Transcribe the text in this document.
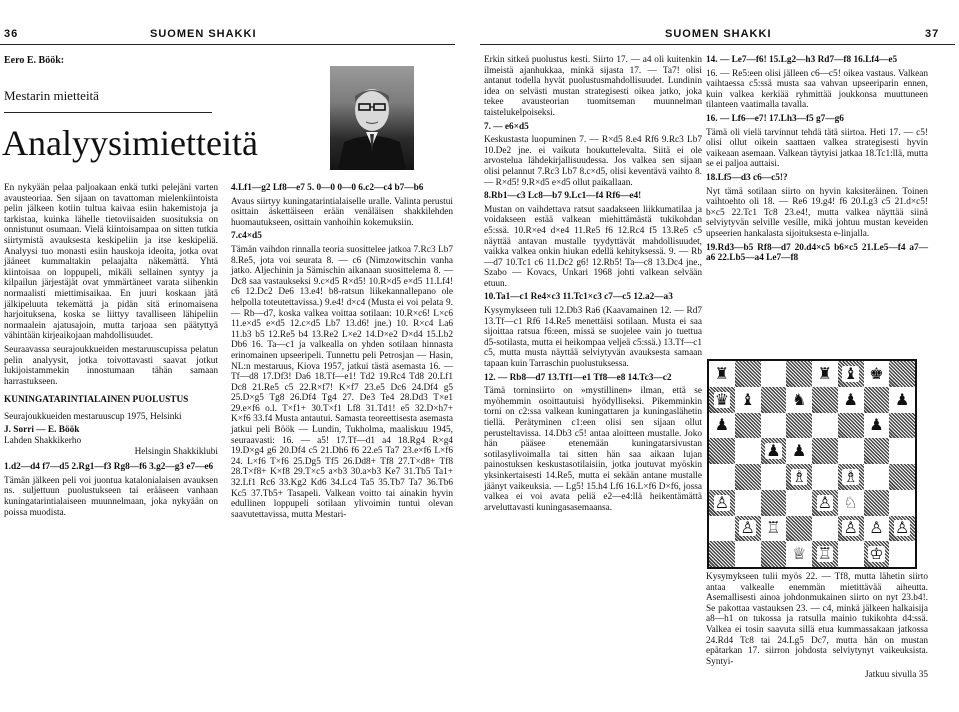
36	SUOMEN SHAKKI	SUOMEN SHAKKI	37
Eero E. Böök:
Mestarin mietteitä
Analyysimietteitä

En nykyään pelaa paljoakaan enkä tutki pelejäni varten avausteoriaa. Sen sijaan on tavattoman mielenkiintoista pelin jälkeen kotiin tultua kaivaa esiin hakemistoja ja tarkistaa, kuinka lähelle tietoviisaiden suosituksia on onnistunut osumaan. Vielä kiintoisampaa on sitten tutkia siirtymistä avauksesta keskipeliin ja itse keskipeliä. Analyysi tuo monasti esiin hauskoja ideoita, jotka ovat jääneet kummaltakin pelaajalta näkemättä. Yhtä kiintoisaa on loppupeli, mikäli sellainen syntyy ja kilpailun järjestäjät ovat ymmärtäneet varata siihenkin normaalisti miettimisaikaa. En juuri koskaan jätä jälkipeluuta tekemättä ja pidän sitä erinomaisena harjoituksena, koska se liittyy tavalliseen lähipeliin normaalein ajatusajoin, mutta tarjoaa sen päätyttyä vähintään kirjeaikojaan mahdollisuudet.

Seuraavassa seurajoukkueiden mestaruuscupissa pelatun pelin analyysit, jotka toivottavasti saavat jotkut lukijoistammekin innostumaan tähän samaan harrastukseen.

KUNINGATARINTIALAINEN PUOLUSTUS

Seurajoukkueiden mestaruuscup 1975, Helsinki

J. Sorri — E. Böök

Lahden Shakkikerho

Helsingin Shakkiklubi

1.d2—d4 f7—d5 2.Rg1—f3 Rg8—f6 3.g2—g3 e7—e6

Tämän jälkeen peli voi juontua katalonialaisen avauksen ns. suljettuun puolustukseen tai erääseen vanhaan kuningatarintialaiseen muunnelmaan, joka nykyään on poissa muodista.

4.Lf1—g2 Lf8—e7 5. 0—0 0—0 6.c2—c4 b7—b6

Avaus siirtyy kuningatarintialaiselle uralle. Valinta perustui osittain äskettäiseen erään venäläisen shakkilehden huomautukseen, osittain vanhoihin kokemuksiin.

7.c4×d5

Tämän vaihdon rinnalla teoria suosittelee jatkoa 7.Rc3 Lb7 8.Re5, jota voi seurata 8. — c6 (Nimzowitschin vanha jatko. Aljechinin ja Sämischin aikanaan suosittelema 8. — Dc8 saa vastaukseksi 9.c×d5 R×d5! 10.R×d5 e×d5 11.Lf4! c6 12.Dc2 De6 13.e4! b8-ratsun liikekannallepano ole helpolla toteutettavissa.) 9.e4! d×c4 (Musta ei voi pelata 9. — Rb—d7, koska valkea voittaa sotilaan: 10.R×c6! L×c6 11.e×d5 e×d5 12.c×d5 Lb7 13.d6! jne.) 10. R×c4 La6 11.b3 b5 12.Re5 b4 13.Re2 L×e2 14.D×e2 D×d4 15.Lb2 Db6 16. Ta—c1 ja valkealla on yhden sotilaan hinnasta erinomainen upseeripeli. Tunnettu peli Petrosjan — Hasin, NL:n mestaruus, Kiova 1957, jatkui tästä asemasta 16. — Tf—d8 17.Df3! Da6 18.Tf—e1! Td2 19.Rc4 Td8 20.Lf1 Dc8 21.Re5 c5 22.R×f7! K×f7 23.e5 Dc6 24.Df4 g5 25.D×g5 Tg8 26.Df4 Tg4 27. De3 Te4 28.Dd3 T×e1 29.e×f6 o.l. T×f1+ 30.T×f1 Lf8 31.Td1! e5 32.D×h7+ K×f6 33.f4 Musta antautui. Samasta teoreettisesta asemasta jatkui peli Böök — Lundin, Tukholma, maaliskuu 1945, seuraavasti: 16. — a5! 17.Tf—d1 a4 18.Rg4 R×g4 19.D×g4 g6 20.Df4 c5 21.Dh6 f6 22.e5 Ta7 23.e×f6 L×f6 24. L×f6 T×f6 25.Dg5 Tf5 26.Dd8+ Tf8 27.T×d8+ Tf8 28.T×f8+ K×f8 29.T×c5 a×b3 30.a×b3 Ke7 31.Tb5 Ta1+ 32.Lf1 Rc6 33.Kg2 Kd6 34.Lc4 Ta5 35.Tb7 Ta7 36.Tb6 Kc5 37.Tb5+ Tasapeli. Valkean voitto tai ainakin hyvin edullinen loppupeli sotilaan ylivoimin tuntui olevan saavutettavissa, mutta Mestari-

Erkin sitkeä puolustus kesti. Siirto 17. — a4 oli kuitenkin ilmeistä ajanhukkaa, minkä sijasta 17. — Ta7! olisi antanut todella hyvät puolustusmahdollisuudet. Lundinin idea on selvästi mustan strategisesti oikea jatko, joka tekee avausteorian tuomitseman muunnelman taistelukelpoiseksi.

7. — e6×d5

Keskustasta luopuminen 7. — R×d5 8.e4 Rf6 9.Rc3 Lb7 10.De2 jne. ei vaikuta houkuttelevalta. Siitä ei ole arvostelua lähdekirjallisuudessa. Jos valkea sen sijaan olisi pelannut 7.Rc3 Lb7 8.c×d5, olisi keventävä vaihto 8. — R×d5! 9.R×d5 e×d5 ollut paikallaan.

8.Rb1—c3 Lc8—b7 9.Lc1—f4 Rf6—e4!

Mustan on vaihdettava ratsut saadakseen liikkumatilaa ja voidakseen estää valkean miehittämästä tukikohdan e5:ssä. 10.R×e4 d×e4 11.Re5 f6 12.Rc4 f5 13.Re5 c5 näyttää antavan mustalle tyydyttävät mahdollisuudet, vaikka valkea onkin hiukan edellä kehityksessä. 9. — Rb—d7 10.Tc1 c6 11.Dc2 g6! 12.Rb5! Ta—c8 13.Dc4 jne., Szabo — Kovacs, Unkari 1968 johti valkean selvään etuun.

10.Ta1—c1 Re4×c3 11.Tc1×c3 c7—c5 12.a2—a3

Kysymykseen tuli 12.Db3 Ra6 (Kaavamainen 12. — Rd7 13.Tf—c1 Rf6 14.Re5 menettäisi sotilaan. Musta ei saa sijoittaa ratsua f6:een, missä se suojelee vain jo tuettua d5-sotilasta, mutta ei heikompaa veljeä c5:ssä.) 13.Tf—c1 c5, mutta musta näyttää selviytyvän avauksesta samaan tapaan kuin Tarraschin puolustuksessa.

12. — Rb8—d7 13.Tf1—e1 Tf8—e8 14.Tc3—c2

Tämä torninsiirto on »mystillinen» ilman, että se myöhemmin osoittautuisi hyödylliseksi. Pikemminkin torni on c2:ssa valkean kuningattaren ja kuningaslähetin tiellä. Perätyminen c1:een olisi sen sijaan ollut perusteltavissa. 14.Db3 c5! antaa aloitteen mustalle. Joko hän pääsee etenemään kuningatarsivustan sotilasylivoimalla tai sitten hän saa aikaan lujan painostuksen keskustasotilaisiin, jotka joutuvat myöskin yksinkertaisesti 14.Re5, mutta ei sekään antane mustalle jäänyt vaikeuksia. — Lg5! 15.h4 Lf6 16.L×f6 D×f6, jossa valkea ei voi avata peliä e2—e4:llä heikentämättä arveluttavasti kuningasasemaansa.

14. — Le7—f6! 15.Lg2—h3 Rd7—f8 16.Lf4—e5

16. — Re5:een olisi jälleen c6—c5! oikea vastaus. Valkean vaihtaessa c5:ssä musta saa vahvan upseeriparin ennen, kuin valkea kerkiää ryhmittää joukkonsa muuttuneen tilanteen vaatimalla tavalla.

16. — Lf6—e7! 17.Lh3—f5 g7—g6

Tämä oli vielä tarvinnut tehdä tätä siirtoa. Heti 17. — c5! olisi ollut oikein saattaen valkea strategisesti hyvin vaikeaan asemaan. Valkean täytyisi jatkaa 18.Tc1:llä, mutta se ei paljoa auttaisi.

18.Lf5—d3 c6—c5!?

Nyt tämä sotilaan siirto on hyvin kaksiteräinen. Toinen vaihtoehto oli 18. — Re6 19.g4! f6 20.Lg3 c5 21.d×c5! b×c5 22.Tc1 Tc8 23.e4!, mutta valkea näyttää siinä selviytyvän selville vesille, mikä johtuu mustan keveiden upseerien hankalasta sijoituksesta e-linjalla.

19.Rd3—b5 Rf8—d7 20.d4×c5 b6×c5 21.Le5—f4 a7—a6 22.Lb5—a4 Le7—f8

♜	♜ ♝ ♚
♛ ♝ ♞ ♟ ♟
♟	♟
♟ ♟
♗ ♗
♙	♙ ♘
♙ ♖	♙ ♙ ♙
♕ ♖ ♔

Kysymykseen tulii myös 22. — Tf8, mutta lähetin siirto antaa valkealle enemmän mietittävää aiheutta. Asemallisesti ainoa johdonmukainen siirto on nyt 23.b4!. Se pakottaa vastauksen 23. — c4, minkä jälkeen halkaisija a8—h1 on tukossa ja ratsulla mainio tukikohta d4:ssä. Valkea ei tosin saavuta sillä etua kummassakaan jatkossa 24.Rd4 Tc8 tai 24.Lg5 Dc7, mutta hän on mustan epätarkan 17. siirron johdosta selviytynyt vaikeuksista. Syntyi-

Jatkuu sivulla 35
